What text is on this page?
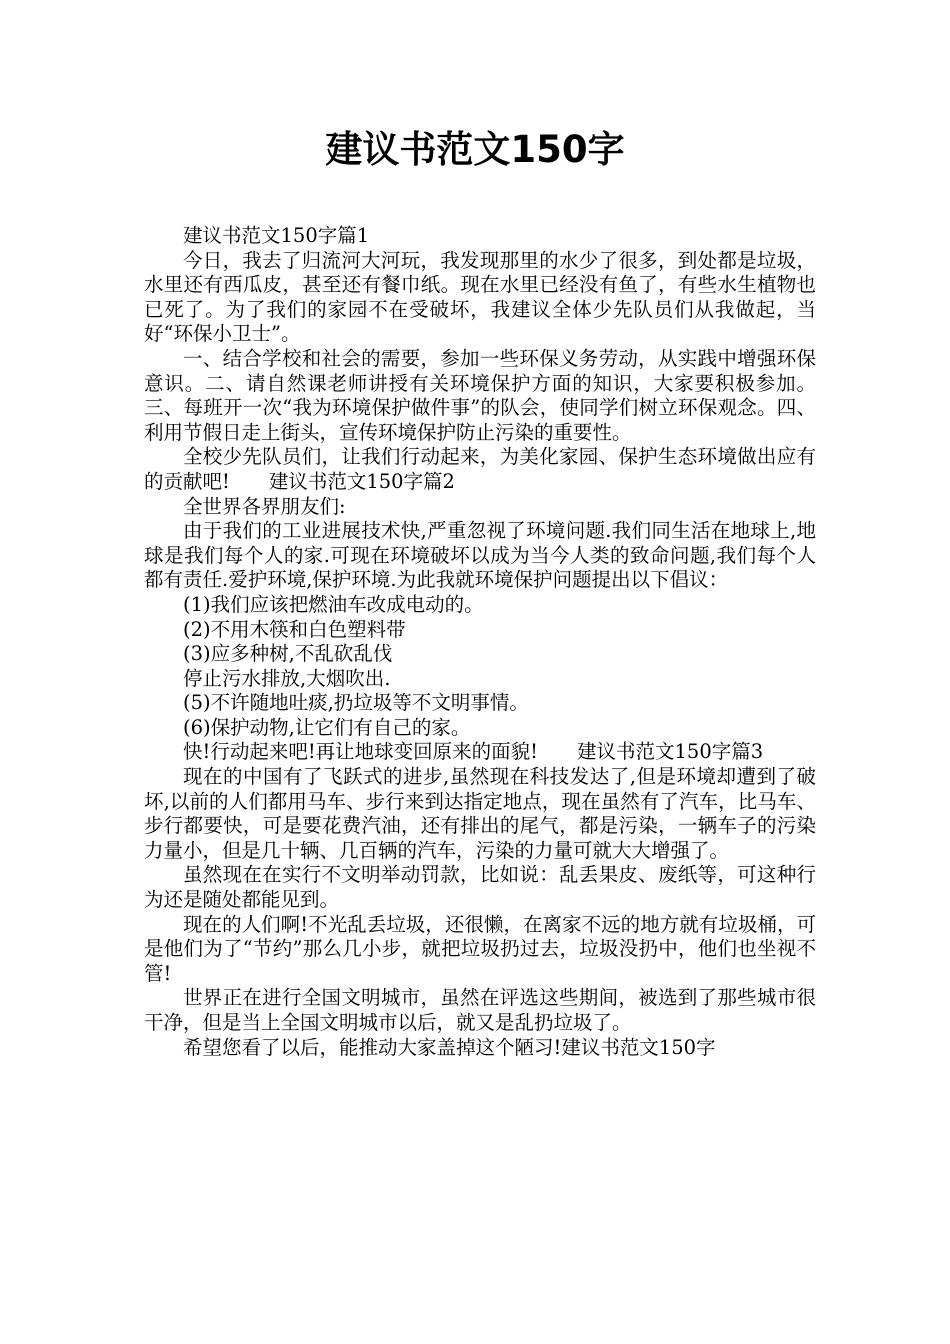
建议书范文150字

建议书范文150字篇1

今日，我去了归流河大河玩，我发现那里的水少了很多，到处都是垃圾，水里还有西瓜皮，甚至还有餐巾纸。现在水里已经没有鱼了，有些水生植物也已死了。为了我们的家园不在受破坏，我建议全体少先队员们从我做起，当好“环保小卫士”。

一、结合学校和社会的需要，参加一些环保义务劳动，从实践中增强环保意识。二、请自然课老师讲授有关环境保护方面的知识，大家要积极参加。三、每班开一次“我为环境保护做件事”的队会，使同学们树立环保观念。四、利用节假日走上街头，宣传环境保护防止污染的重要性。

全校少先队员们，让我们行动起来，为美化家园、保护生态环境做出应有的贡献吧!　　建议书范文150字篇2

全世界各界朋友们:

由于我们的工业进展技术快,严重忽视了环境问题.我们同生活在地球上,地球是我们每个人的家.可现在环境破坏以成为当今人类的致命问题,我们每个人都有责任.爱护环境,保护环境.为此我就环境保护问题提出以下倡议：

(1)我们应该把燃油车改成电动的。

(2)不用木筷和白色塑料带

(3)应多种树,不乱砍乱伐

停止污水排放,大烟吹出.

(5)不许随地吐痰,扔垃圾等不文明事情。

(6)保护动物,让它们有自己的家。

快!行动起来吧!再让地球变回原来的面貌!　　建议书范文150字篇3

现在的中国有了飞跃式的进步,虽然现在科技发达了,但是环境却遭到了破坏,以前的人们都用马车、步行来到达指定地点，现在虽然有了汽车，比马车、步行都要快，可是要花费汽油，还有排出的尾气，都是污染，一辆车子的污染力量小，但是几十辆、几百辆的汽车，污染的力量可就大大增强了。

虽然现在在实行不文明举动罚款，比如说：乱丢果皮、废纸等，可这种行为还是随处都能见到。

现在的人们啊!不光乱丢垃圾，还很懒，在离家不远的地方就有垃圾桶，可是他们为了“节约”那么几小步，就把垃圾扔过去，垃圾没扔中，他们也坐视不管!

世界正在进行全国文明城市，虽然在评选这些期间，被选到了那些城市很干净，但是当上全国文明城市以后，就又是乱扔垃圾了。

希望您看了以后，能推动大家盖掉这个陋习!建议书范文150字
